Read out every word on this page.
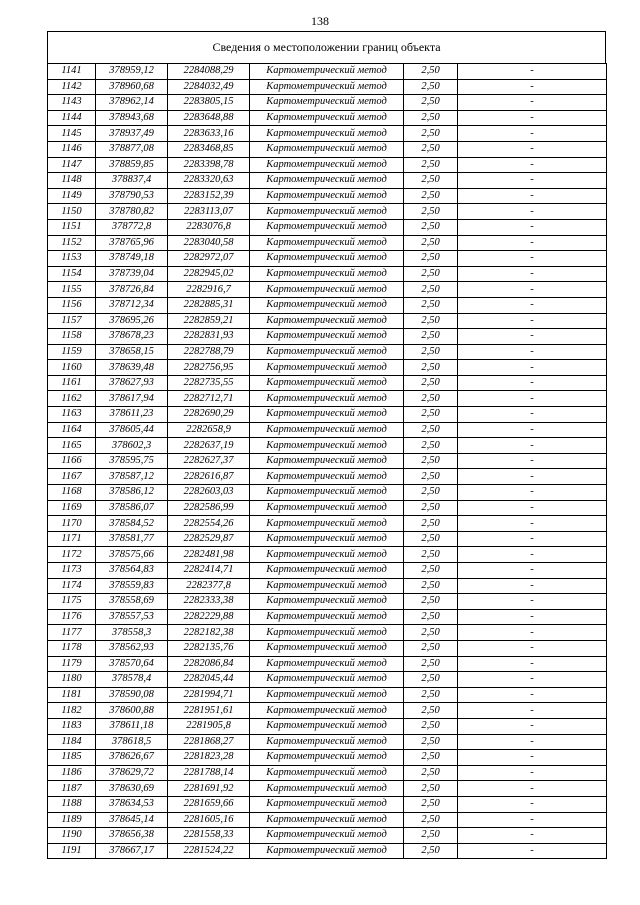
138
Сведения о местоположении границ объекта
1141	378959,12	2284088,29	Картометрический метод	2,50	-
1142	378960,68	2284032,49	Картометрический метод	2,50	-
1143	378962,14	2283805,15	Картометрический метод	2,50	-
1144	378943,68	2283648,88	Картометрический метод	2,50	-
1145	378937,49	2283633,16	Картометрический метод	2,50	-
1146	378877,08	2283468,85	Картометрический метод	2,50	-
1147	378859,85	2283398,78	Картометрический метод	2,50	-
1148	378837,4	2283320,63	Картометрический метод	2,50	-
1149	378790,53	2283152,39	Картометрический метод	2,50	-
1150	378780,82	2283113,07	Картометрический метод	2,50	-
1151	378772,8	2283076,8	Картометрический метод	2,50	-
1152	378765,96	2283040,58	Картометрический метод	2,50	-
1153	378749,18	2282972,07	Картометрический метод	2,50	-
1154	378739,04	2282945,02	Картометрический метод	2,50	-
1155	378726,84	2282916,7	Картометрический метод	2,50	-
1156	378712,34	2282885,31	Картометрический метод	2,50	-
1157	378695,26	2282859,21	Картометрический метод	2,50	-
1158	378678,23	2282831,93	Картометрический метод	2,50	-
1159	378658,15	2282788,79	Картометрический метод	2,50	-
1160	378639,48	2282756,95	Картометрический метод	2,50	-
1161	378627,93	2282735,55	Картометрический метод	2,50	-
1162	378617,94	2282712,71	Картометрический метод	2,50	-
1163	378611,23	2282690,29	Картометрический метод	2,50	-
1164	378605,44	2282658,9	Картометрический метод	2,50	-
1165	378602,3	2282637,19	Картометрический метод	2,50	-
1166	378595,75	2282627,37	Картометрический метод	2,50	-
1167	378587,12	2282616,87	Картометрический метод	2,50	-
1168	378586,12	2282603,03	Картометрический метод	2,50	-
1169	378586,07	2282586,99	Картометрический метод	2,50	-
1170	378584,52	2282554,26	Картометрический метод	2,50	-
1171	378581,77	2282529,87	Картометрический метод	2,50	-
1172	378575,66	2282481,98	Картометрический метод	2,50	-
1173	378564,83	2282414,71	Картометрический метод	2,50	-
1174	378559,83	2282377,8	Картометрический метод	2,50	-
1175	378558,69	2282333,38	Картометрический метод	2,50	-
1176	378557,53	2282229,88	Картометрический метод	2,50	-
1177	378558,3	2282182,38	Картометрический метод	2,50	-
1178	378562,93	2282135,76	Картометрический метод	2,50	-
1179	378570,64	2282086,84	Картометрический метод	2,50	-
1180	378578,4	2282045,44	Картометрический метод	2,50	-
1181	378590,08	2281994,71	Картометрический метод	2,50	-
1182	378600,88	2281951,61	Картометрический метод	2,50	-
1183	378611,18	2281905,8	Картометрический метод	2,50	-
1184	378618,5	2281868,27	Картометрический метод	2,50	-
1185	378626,67	2281823,28	Картометрический метод	2,50	-
1186	378629,72	2281788,14	Картометрический метод	2,50	-
1187	378630,69	2281691,92	Картометрический метод	2,50	-
1188	378634,53	2281659,66	Картометрический метод	2,50	-
1189	378645,14	2281605,16	Картометрический метод	2,50	-
1190	378656,38	2281558,33	Картометрический метод	2,50	-
1191	378667,17	2281524,22	Картометрический метод	2,50	-
